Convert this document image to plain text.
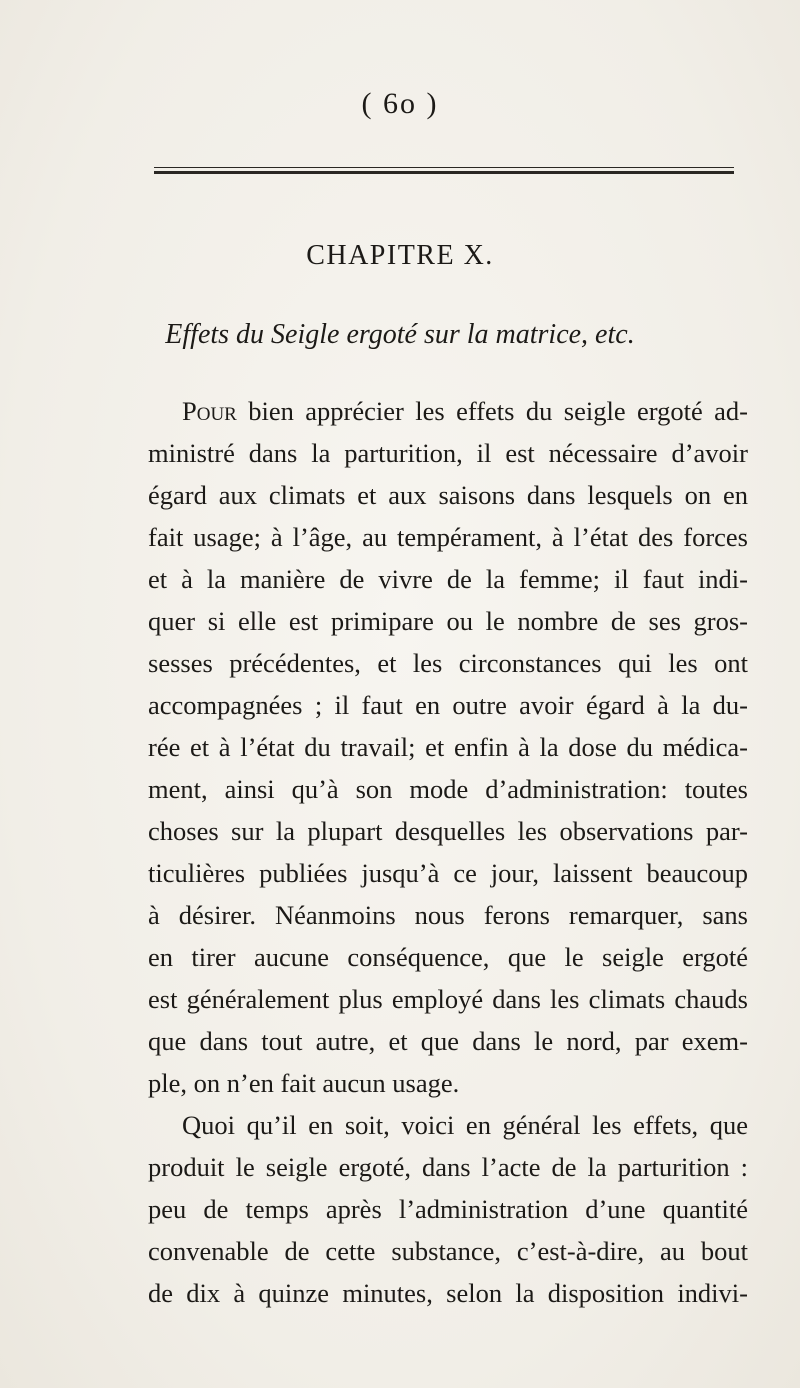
( 6o )
CHAPITRE X.
Effets du Seigle ergoté sur la matrice, etc.
Pour bien apprécier les effets du seigle ergoté ad-
ministré dans la parturition, il est nécessaire d’avoir
égard aux climats et aux saisons dans lesquels on en
fait usage; à l’âge, au tempérament, à l’état des forces
et à la manière de vivre de la femme; il faut indi-
quer si elle est primipare ou le nombre de ses gros-
sesses précédentes, et les circonstances qui les ont
accompagnées ; il faut en outre avoir égard à la du-
rée et à l’état du travail; et enfin à la dose du médica-
ment, ainsi qu’à son mode d’administration: toutes
choses sur la plupart desquelles les observations par-
ticulières publiées jusqu’à ce jour, laissent beaucoup
à désirer. Néanmoins nous ferons remarquer, sans
en tirer aucune conséquence, que le seigle ergoté
est généralement plus employé dans les climats chauds
que dans tout autre, et que dans le nord, par exem-
ple, on n’en fait aucun usage.
Quoi qu’il en soit, voici en général les effets, que
produit le seigle ergoté, dans l’acte de la parturition :
peu de temps après l’administration d’une quantité
convenable de cette substance, c’est-à-dire, au bout
de dix à quinze minutes, selon la disposition indivi-
